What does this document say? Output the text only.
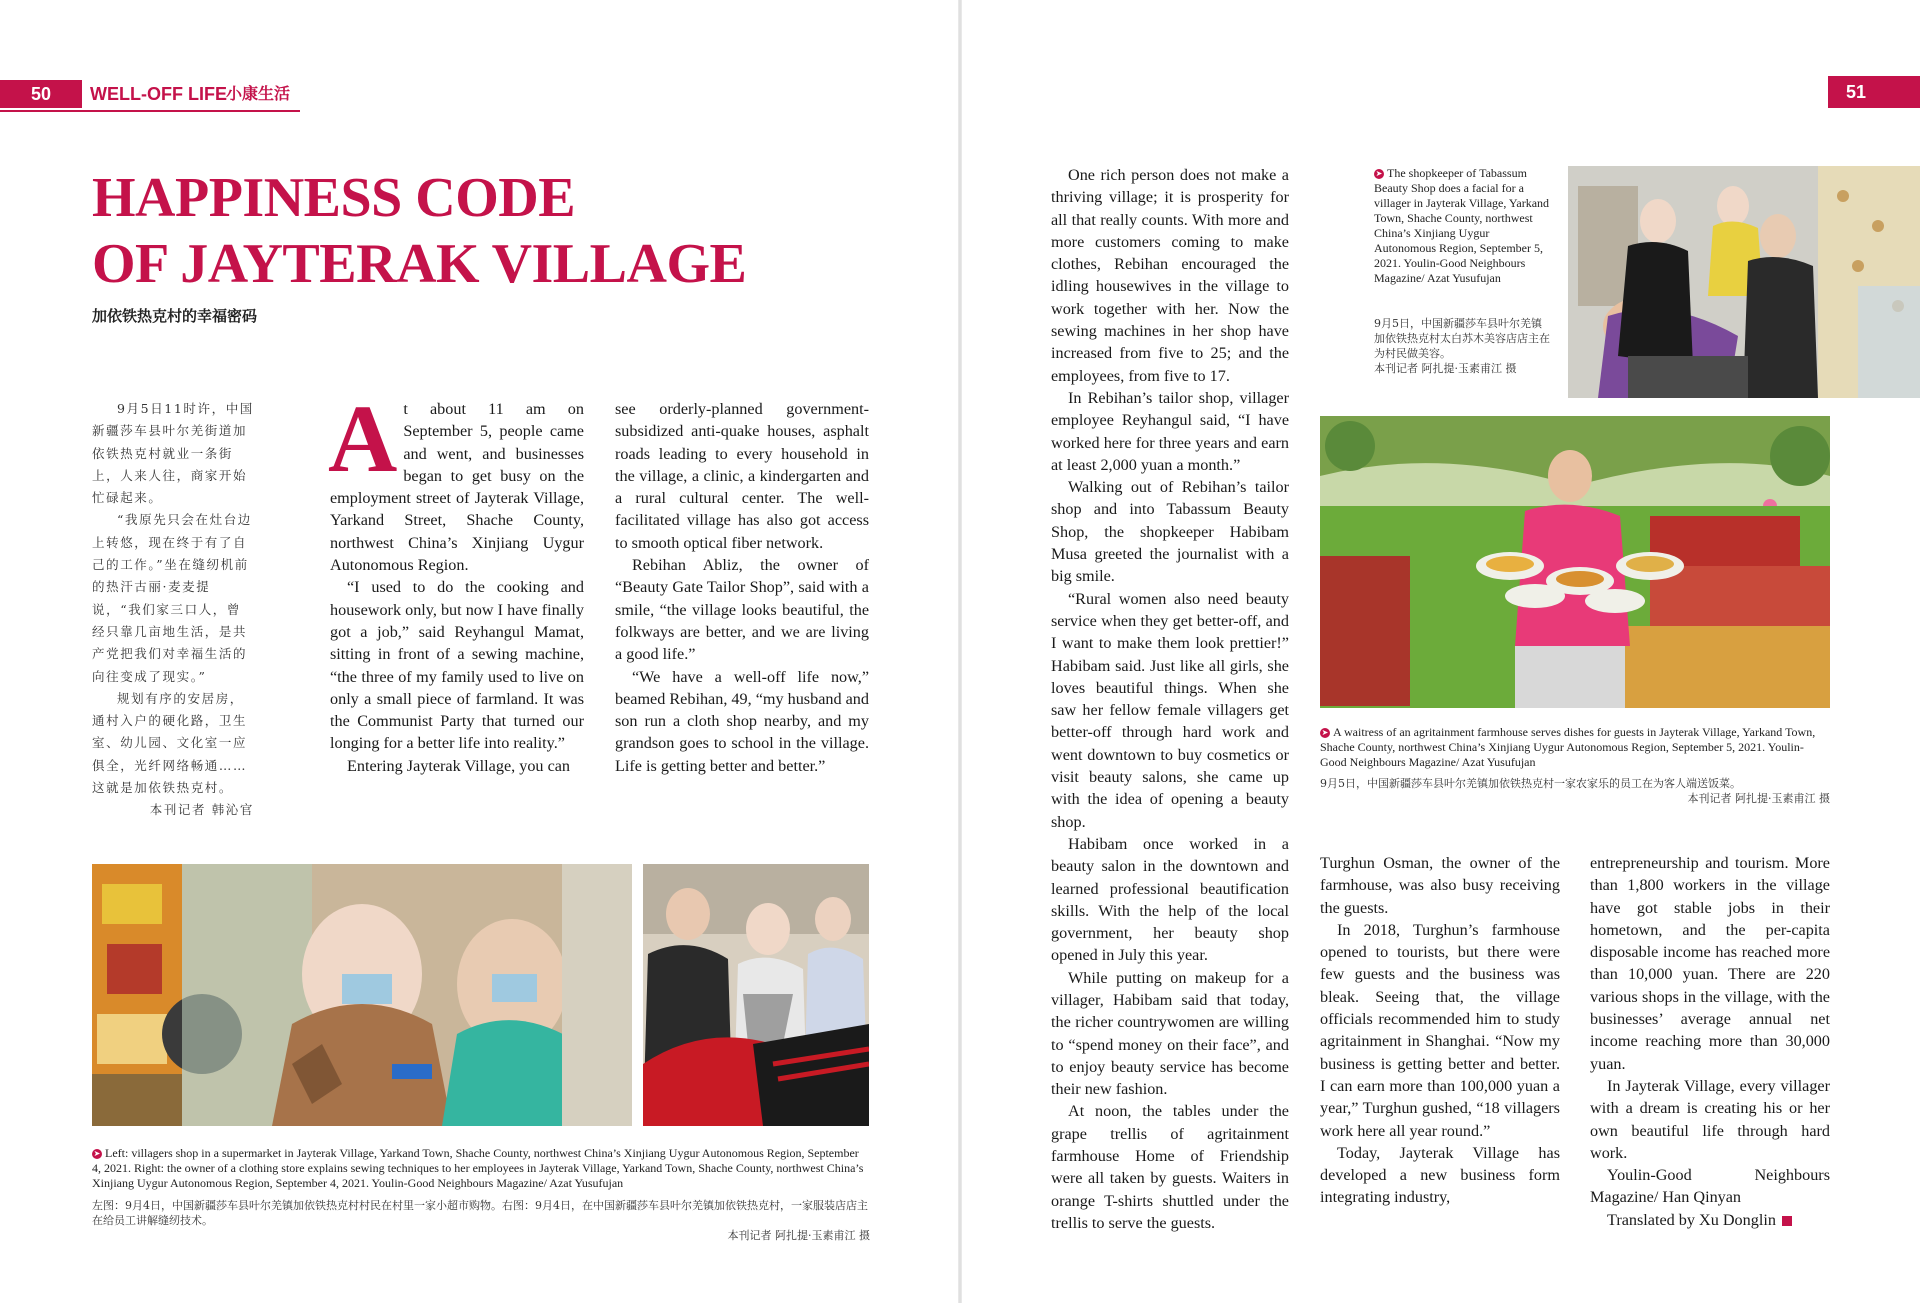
50	WELL-OFF LIFE 小康生活	51
HAPPINESS CODE
OF JAYTERAK VILLAGE
加依铁热克村的幸福密码

9月5日11时许，中国新疆莎车县叶尔羌街道加依铁热克村就业一条街上，人来人往，商家开始忙碌起来。

“我原先只会在灶台边上转悠，现在终于有了自己的工作。”坐在缝纫机前的热汗古丽·麦麦提说，“我们家三口人，曾经只靠几亩地生活，是共产党把我们对幸福生活的向往变成了现实。”

规划有序的安居房，通村入户的硬化路，卫生室、幼儿园、文化室一应俱全，光纤网络畅通……这就是加依铁热克村。

本刊记者 韩沁官

At about 11 am on September 5, people came and went, and businesses began to get busy on the employment street of Jayterak Village, Yarkand Street, Shache County, northwest China’s Xinjiang Uygur Autonomous Region.

“I used to do the cooking and housework only, but now I have finally got a job,” said Reyhangul Mamat, sitting in front of a sewing machine, “the three of my family used to live on only a small piece of farmland. It was the Communist Party that turned our longing for a better life into reality.”

Entering Jayterak Village, you can

see orderly-planned government-subsidized anti-quake houses, asphalt roads leading to every household in the village, a clinic, a kindergarten and a rural cultural center. The well-facilitated village has also got access to smooth optical fiber network.

Rebihan Abliz, the owner of “Beauty Gate Tailor Shop”, said with a smile, “the village looks beautiful, the folkways are better, and we are living a good life.”

“We have a well-off life now,” beamed Rebihan, 49, “my husband and son run a cloth shop nearby, and my grandson goes to school in the village. Life is getting better and better.”

One rich person does not make a thriving village; it is prosperity for all that really counts. With more and more customers coming to make clothes, Rebihan encouraged the idling housewives in the village to work together with her. Now the sewing machines in her shop have increased from five to 25; and the employees, from five to 17.

In Rebihan’s tailor shop, villager employee Reyhangul said, “I have worked here for three years and earn at least 2,000 yuan a month.”

Walking out of Rebihan’s tailor shop and into Tabassum Beauty Shop, the shopkeeper Habibam Musa greeted the journalist with a big smile.

“Rural women also need beauty service when they get better-off, and I want to make them look prettier!” Habibam said. Just like all girls, she loves beautiful things. When she saw her fellow female villagers get better-off through hard work and went downtown to buy cosmetics or visit beauty salons, she came up with the idea of opening a beauty shop.

Habibam once worked in a beauty salon in the downtown and learned professional beautification skills. With the help of the local government, her beauty shop opened in July this year.

While putting on makeup for a villager, Habibam said that today, the richer countrywomen are willing to “spend money on their face”, and to enjoy beauty service has become their new fashion.

At noon, the tables under the grape trellis of agritainment farmhouse Home of Friendship were all taken by guests. Waiters in orange T-shirts shuttled under the trellis to serve the guests.

Turghun Osman, the owner of the farmhouse, was also busy receiving the guests.

In 2018, Turghun’s farmhouse opened to tourists, but there were few guests and the business was bleak. Seeing that, the village officials recommended him to study agritainment in Shanghai. “Now my business is getting better and better. I can earn more than 100,000 yuan a year,” Turghun gushed, “18 villagers work here all year round.”

Today, Jayterak Village has developed a new business form integrating industry,

entrepreneurship and tourism. More than 1,800 workers in the village have got stable jobs in their hometown, and the per-capita disposable income has reached more than 10,000 yuan. There are 220 various shops in the village, with the businesses’ average annual net income reaching more than 30,000 yuan.

In Jayterak Village, every villager with a dream is creating his or her own beautiful life through hard work.

Youlin-Good Neighbours Magazine/ Han Qinyan

Translated by Xu Donglin

➤ Left: villagers shop in a supermarket in Jayterak Village, Yarkand Town, Shache County, northwest China’s Xinjiang Uygur Autonomous Region, September 4, 2021. Right: the owner of a clothing store explains sewing techniques to her employees in Jayterak Village, Yarkand Town, Shache County, northwest China’s Xinjiang Uygur Autonomous Region, September 4, 2021. Youlin-Good Neighbours Magazine/ Azat Yusufujan
左图：9月4日，中国新疆莎车县叶尔羌镇加依铁热克村村民在村里一家小超市购物。右图：9月4日，在中国新疆莎车县叶尔羌镇加依铁热克村，一家服装店店主在给员工讲解缝纫技术。
本刊记者 阿扎提·玉素甫江 摄
➤ The shopkeeper of Tabassum Beauty Shop does a facial for a villager in Jayterak Village, Yarkand Town, Shache County, northwest China’s Xinjiang Uygur Autonomous Region, September 5, 2021. Youlin-Good Neighbours Magazine/ Azat Yusufujan
9月5日，中国新疆莎车县叶尔羌镇加依铁热克村太白苏木美容店店主在为村民做美容。
本刊记者 阿扎提·玉素甫江 摄
➤ A waitress of an agritainment farmhouse serves dishes for guests in Jayterak Village, Yarkand Town, Shache County, northwest China’s Xinjiang Uygur Autonomous Region, September 5, 2021. Youlin-Good Neighbours Magazine/ Azat Yusufujan
9月5日，中国新疆莎车县叶尔羌镇加依铁热克村一家农家乐的员工在为客人端送饭菜。
本刊记者 阿扎提·玉素甫江 摄
